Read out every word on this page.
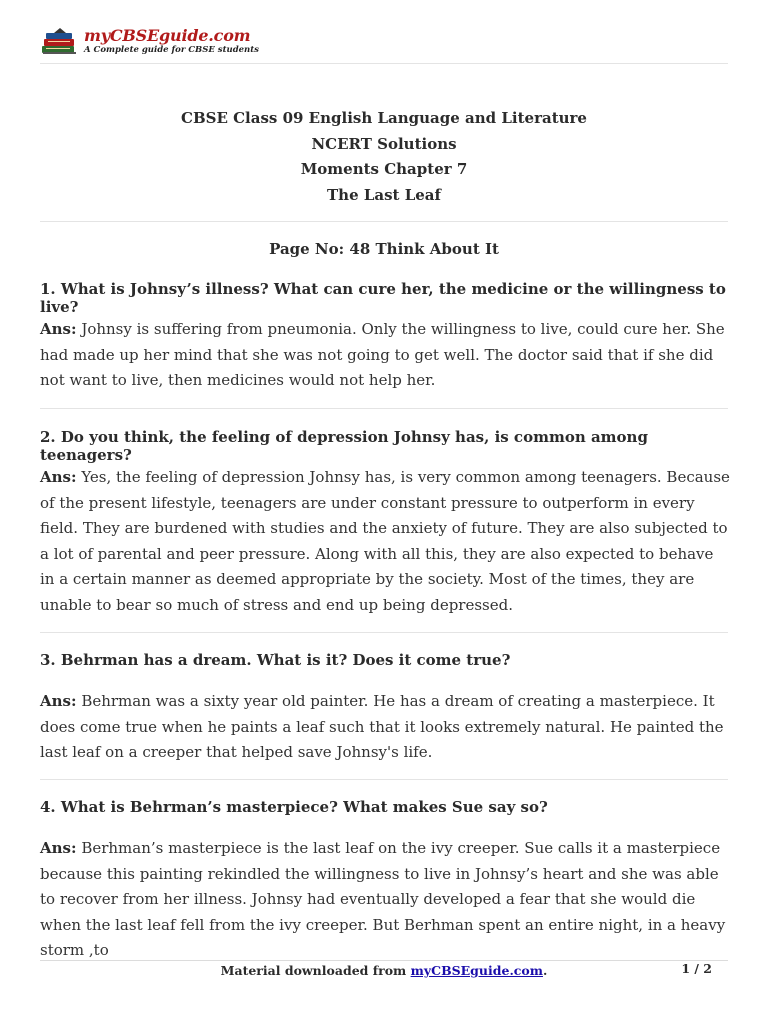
myCBSEguide.com
A Complete guide for CBSE students
CBSE Class 09 English Language and Literature
NCERT Solutions
Moments Chapter 7
The Last Leaf
Page No: 48 Think About It
1. What is Johnsy’s illness? What can cure her, the medicine or the willingness to live?
Ans: Johnsy is suffering from pneumonia. Only the willingness to live, could cure her. She had made up her mind that she was not going to get well. The doctor said that if she did not want to live, then medicines would not help her.
2. Do you think, the feeling of depression Johnsy has, is common among teenagers?
Ans: Yes, the feeling of depression Johnsy has, is very common among teenagers. Because of the present lifestyle, teenagers are under constant pressure to outperform in every field. They are burdened with studies and the anxiety of future. They are also subjected to a lot of parental and peer pressure. Along with all this, they are also expected to behave in a certain manner as deemed appropriate by the society. Most of the times, they are unable to bear so much of stress and end up being depressed.
3. Behrman has a dream. What is it? Does it come true?
Ans: Behrman was a sixty year old painter. He has a dream of creating a masterpiece. It does come true when he paints a leaf such that it looks extremely natural. He painted the last leaf on a creeper that helped save Johnsy's life.
4. What is Behrman’s masterpiece? What makes Sue say so?
Ans: Berhman’s masterpiece is the last leaf on the ivy creeper. Sue calls it a masterpiece because this painting rekindled the willingness to live in Johnsy’s heart and she was able to recover from her illness. Johnsy had eventually developed a fear that she would die when the last leaf fell from the ivy creeper. But Berhman spent an entire night, in a heavy storm ,to
Material downloaded from myCBSEguide.com.	1 / 2
